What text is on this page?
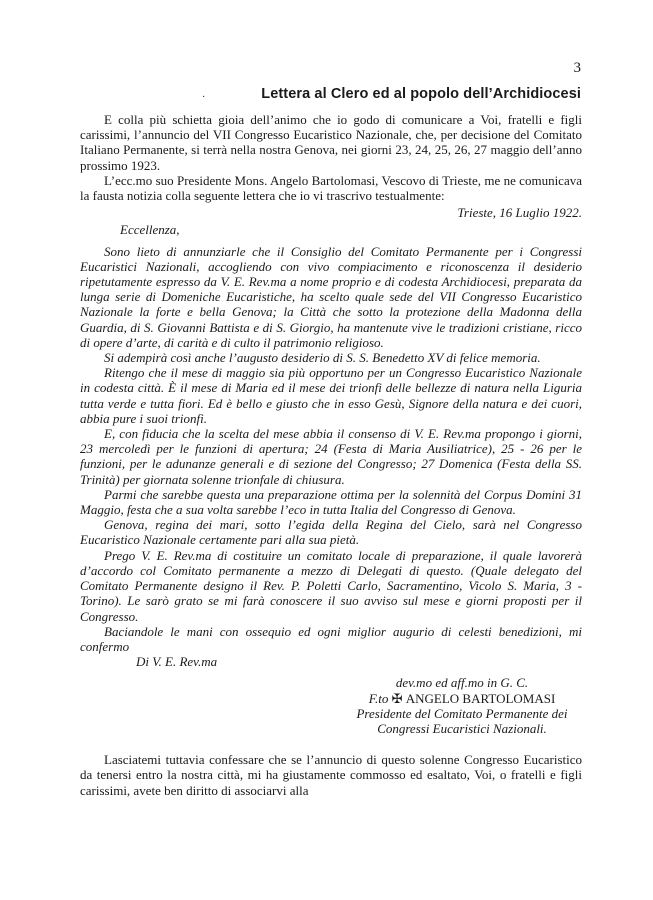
3
·	Lettera al Clero ed al popolo dell’Archidiocesi

E colla più schietta gioia dell’animo che io godo di comunicare a Voi, fratelli e figli carissimi, l’annuncio del VII Congresso Eucaristico Nazionale, che, per decisione del Comitato Italiano Permanente, si terrà nella nostra Genova, nei giorni 23, 24, 25, 26, 27 maggio dell’anno prossimo 1923.

L’ecc.mo suo Presidente Mons. Angelo Bartolomasi, Vescovo di Trieste, me ne comunicava la fausta notizia colla seguente lettera che io vi trascrivo testualmente:

Trieste, 16 Luglio 1922.

Eccellenza,

Sono lieto di annunziarle che il Consiglio del Comitato Permanente per i Congressi Eucaristici Nazionali, accogliendo con vivo compiacimento e riconoscenza il desiderio ripetutamente espresso da V. E. Rev.ma a nome proprio e di codesta Archidiocesi, preparata da lunga serie di Domeniche Eucaristiche, ha scelto quale sede del VII Congresso Eucaristico Nazionale la forte e bella Genova; la Città che sotto la protezione della Madonna della Guardia, di S. Giovanni Battista e di S. Giorgio, ha mantenute vive le tradizioni cristiane, ricco di opere d’arte, di carità e di culto il patrimonio religioso.

Si adempirà così anche l’augusto desiderio di S. S. Benedetto XV di felice memoria.

Ritengo che il mese di maggio sia più opportuno per un Congresso Eucaristico Nazionale in codesta città. È il mese di Maria ed il mese dei trionfi delle bellezze di natura nella Liguria tutta verde e tutta fiori. Ed è bello e giusto che in esso Gesù, Signore della natura e dei cuori, abbia pure i suoi trionfi.

E, con fiducia che la scelta del mese abbia il consenso di V. E. Rev.ma propongo i giorni, 23 mercoledì per le funzioni di apertura; 24 (Festa di Maria Ausiliatrice), 25 - 26 per le funzioni, per le adunanze generali e di sezione del Congresso; 27 Domenica (Festa della SS. Trinità) per giornata solenne trionfale di chiusura.

Parmi che sarebbe questa una preparazione ottima per la solennità del Corpus Domini 31 Maggio, festa che a sua volta sarebbe l’eco in tutta Italia del Congresso di Genova.

Genova, regina dei mari, sotto l’egida della Regina del Cielo, sarà nel Congresso Eucaristico Nazionale certamente pari alla sua pietà.

Prego V. E. Rev.ma di costituire un comitato locale di preparazione, il quale lavorerà d’accordo col Comitato permanente a mezzo di Delegati di questo. (Quale delegato del Comitato Permanente designo il Rev. P. Poletti Carlo, Sacramentino, Vicolo S. Maria, 3 - Torino). Le sarò grato se mi farà conoscere il suo avviso sul mese e giorni proposti per il Congresso.

Baciandole le mani con ossequio ed ogni miglior augurio di celesti benedizioni, mi confermo

Di V. E. Rev.ma

dev.mo ed aff.mo in G. C.

F.to ✠ ANGELO BARTOLOMASI

Presidente del Comitato Permanente dei

Congressi Eucaristici Nazionali.

Lasciatemi tuttavia confessare che se l’annuncio di questo solenne Congresso Eucaristico da tenersi entro la nostra città, mi ha giustamente commosso ed esaltato, Voi, o fratelli e figli carissimi, avete ben diritto di associarvi alla
